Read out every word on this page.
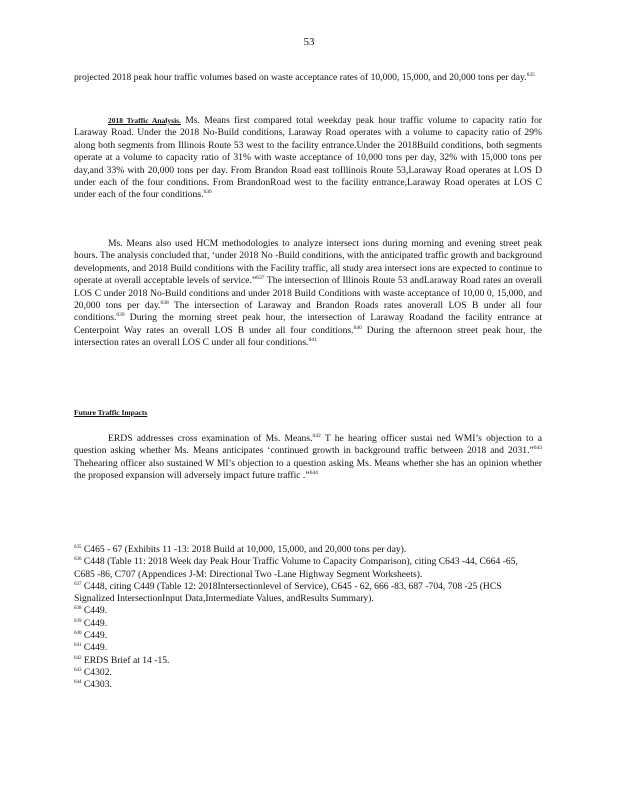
53

projected 2018 peak hour traffic volumes based on waste acceptance rates of 10,000, 15,000, and 20,000 tons per day.$^{635}$

2018 Traffic Analysis. Ms. Means first compared total weekday peak hour traffic volume to capacity ratio for Laraway Road. Under the 2018 No-Build conditions, Laraway Road operates with a volume to capacity ratio of 29% along both segments from Illinois Route 53 west to the facility entrance.Under the 2018Build conditions, both segments operate at a volume to capacity ratio of 31% with waste acceptance of 10,000 tons per day, 32% with 15,000 tons per day,and 33% with 20,000 tons per day. From Brandon Road east toIllinois Route 53,Laraway Road operates at LOS D under each of the four conditions. From BrandonRoad west to the facility entrance,Laraway Road operates at LOS C under each of the four conditions.$^{636}$

Ms. Means also used HCM methodologies to analyze intersect ions during morning and evening street peak hours. The analysis concluded that, ‘under 2018 No -Build conditions, with the anticipated traffic growth and background developments, and 2018 Build conditions with the Facility traffic, all study area intersect ions are expected to continue to operate at overall acceptable levels of service.”$^{637}$ The intersection of Illinois Route 53 andLaraway Road rates an overall LOS C under 2018 No-Build conditions and under 2018 Build Conditions with waste acceptance of 10,00 0, 15,000, and 20,000 tons per day.$^{638}$ The intersection of Laraway and Brandon Roads rates anoverall LOS B under all four conditions.$^{639}$ During the morning street peak hour, the intersection of Laraway Roadand the facility entrance at Centerpoint Way rates an overall LOS B under all four conditions.$^{640}$ During the afternoon street peak hour, the intersection rates an overall LOS C under all four conditions.$^{641}$

Future Traffic Impacts

ERDS addresses cross examination of Ms. Means.$^{642}$ T he hearing officer sustai ned WMI’s objection to a question asking whether Ms. Means anticipates ‘continued growth in background traffic between 2018 and 2031.”$^{643}$ Thehearing officer also sustained W MI’s objection to a question asking Ms. Means whether she has an opinion whether the proposed expansion will adversely impact future traffic .”$^{644}$

$^{635}$ C465 - 67 (Exhibits 11 -13: 2018 Build at 10,000, 15,000, and 20,000 tons per day).

$^{636}$ C448 (Table 11: 2018 Week day Peak Hour Traffic Volume to Capacity Comparison), citing C643 -44, C664 -65, C685 -86, C707 (Appendices J-M: Directional Two -Lane Highway Segment Worksheets).

$^{637}$ C448, citing C449 (Table 12: 2018Intersectionlevel of Service), C645 - 62, 666 -83, 687 -704, 708 -25 (HCS Signalized IntersectionInput Data,Intermediate Values, andResults Summary).

$^{638}$ C449.

$^{639}$ C449.

$^{640}$ C449.

$^{641}$ C449.

$^{642}$ ERDS Brief at 14 -15.

$^{643}$ C4302.

$^{644}$ C4303.
